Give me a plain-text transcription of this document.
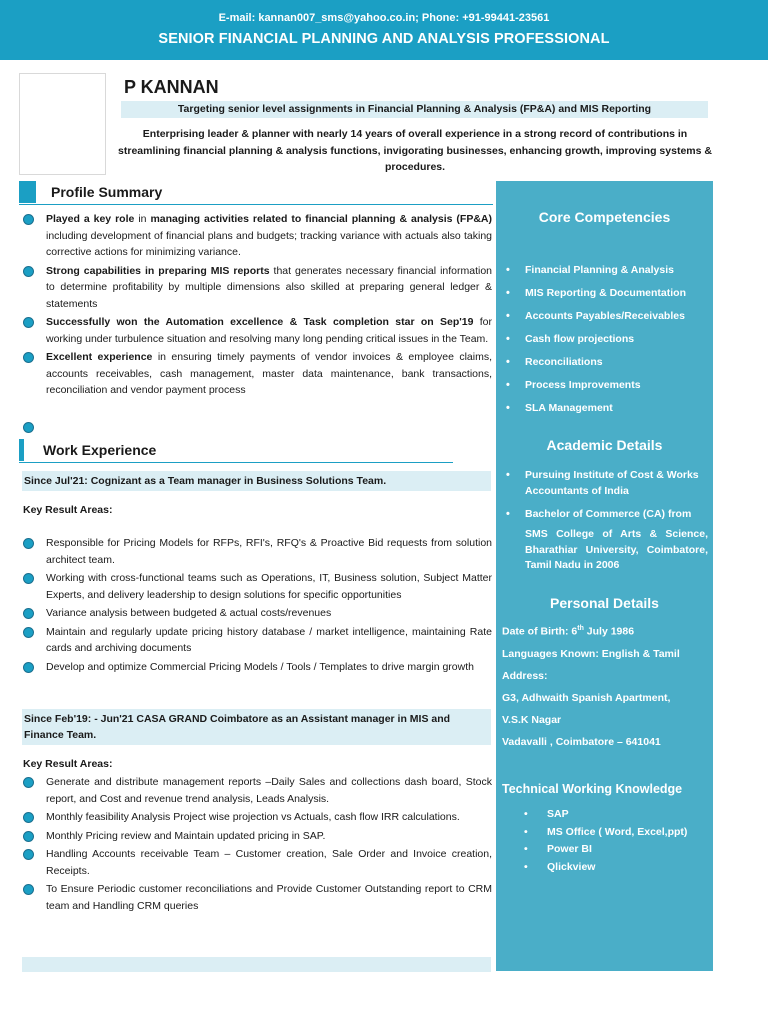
E-mail: kannan007_sms@yahoo.co.in; Phone: +91-99441-23561
SENIOR FINANCIAL PLANNING AND ANALYSIS PROFESSIONAL
P KANNAN
Targeting senior level assignments in Financial Planning & Analysis (FP&A) and MIS Reporting
Enterprising leader & planner with nearly 14 years of overall experience in a strong record of contributions in streamlining financial planning & analysis functions, invigorating businesses, enhancing growth, improving systems & procedures.
Profile Summary
Played a key role in managing activities related to financial planning & analysis (FP&A) including development of financial plans and budgets; tracking variance with actuals also taking corrective actions for minimizing variance.
Strong capabilities in preparing MIS reports that generates necessary financial information to determine profitability by multiple dimensions also skilled at preparing general ledger & statements
Successfully won the Automation excellence & Task completion star on Sep'19 for working under turbulence situation and resolving many long pending critical issues in the Team.
Excellent experience in ensuring timely payments of vendor invoices & employee claims, accounts receivables, cash management, master data maintenance, bank transactions, reconciliation and vendor payment process
Work Experience
Since Jul'21: Cognizant as a Team manager in Business Solutions Team.
Key Result Areas:
Responsible for Pricing Models for RFPs, RFI's, RFQ's & Proactive Bid requests from solution architect team.
Working with cross-functional teams such as Operations, IT, Business solution, Subject Matter Experts, and delivery leadership to design solutions for specific opportunities
Variance analysis between budgeted & actual costs/revenues
Maintain and regularly update pricing history database / market intelligence, maintaining Rate cards and archiving documents
Develop and optimize Commercial Pricing Models / Tools / Templates to drive margin growth
Since Feb'19: - Jun'21 CASA GRAND Coimbatore as an Assistant manager in MIS and Finance Team.
Key Result Areas:
Generate and distribute management reports –Daily Sales and collections dash board, Stock report, and Cost and revenue trend analysis, Leads Analysis.
Monthly feasibility Analysis Project wise projection vs Actuals, cash flow IRR calculations.
Monthly Pricing review and Maintain updated pricing in SAP.
Handling Accounts receivable Team – Customer creation, Sale Order and Invoice creation, Receipts.
To Ensure Periodic customer reconciliations and Provide Customer Outstanding report to CRM team and Handling CRM queries
Core Competencies
• Financial Planning & Analysis
• MIS Reporting & Documentation
• Accounts Payables/Receivables
• Cash flow projections
• Reconciliations
• Process Improvements
• SLA Management
Academic Details
• Pursuing Institute of Cost & Works Accountants of India
• Bachelor of Commerce (CA) from
SMS College of Arts & Science, Bharathiar University, Coimbatore, Tamil Nadu in 2006
Personal Details
Date of Birth: 6th July 1986
Languages Known: English & Tamil
Address:
G3, Adhwaith Spanish Apartment,
V.S.K Nagar
Vadavalli , Coimbatore – 641041
Technical Working Knowledge
• SAP
• MS Office ( Word, Excel,ppt)
• Power BI
• Qlickview
